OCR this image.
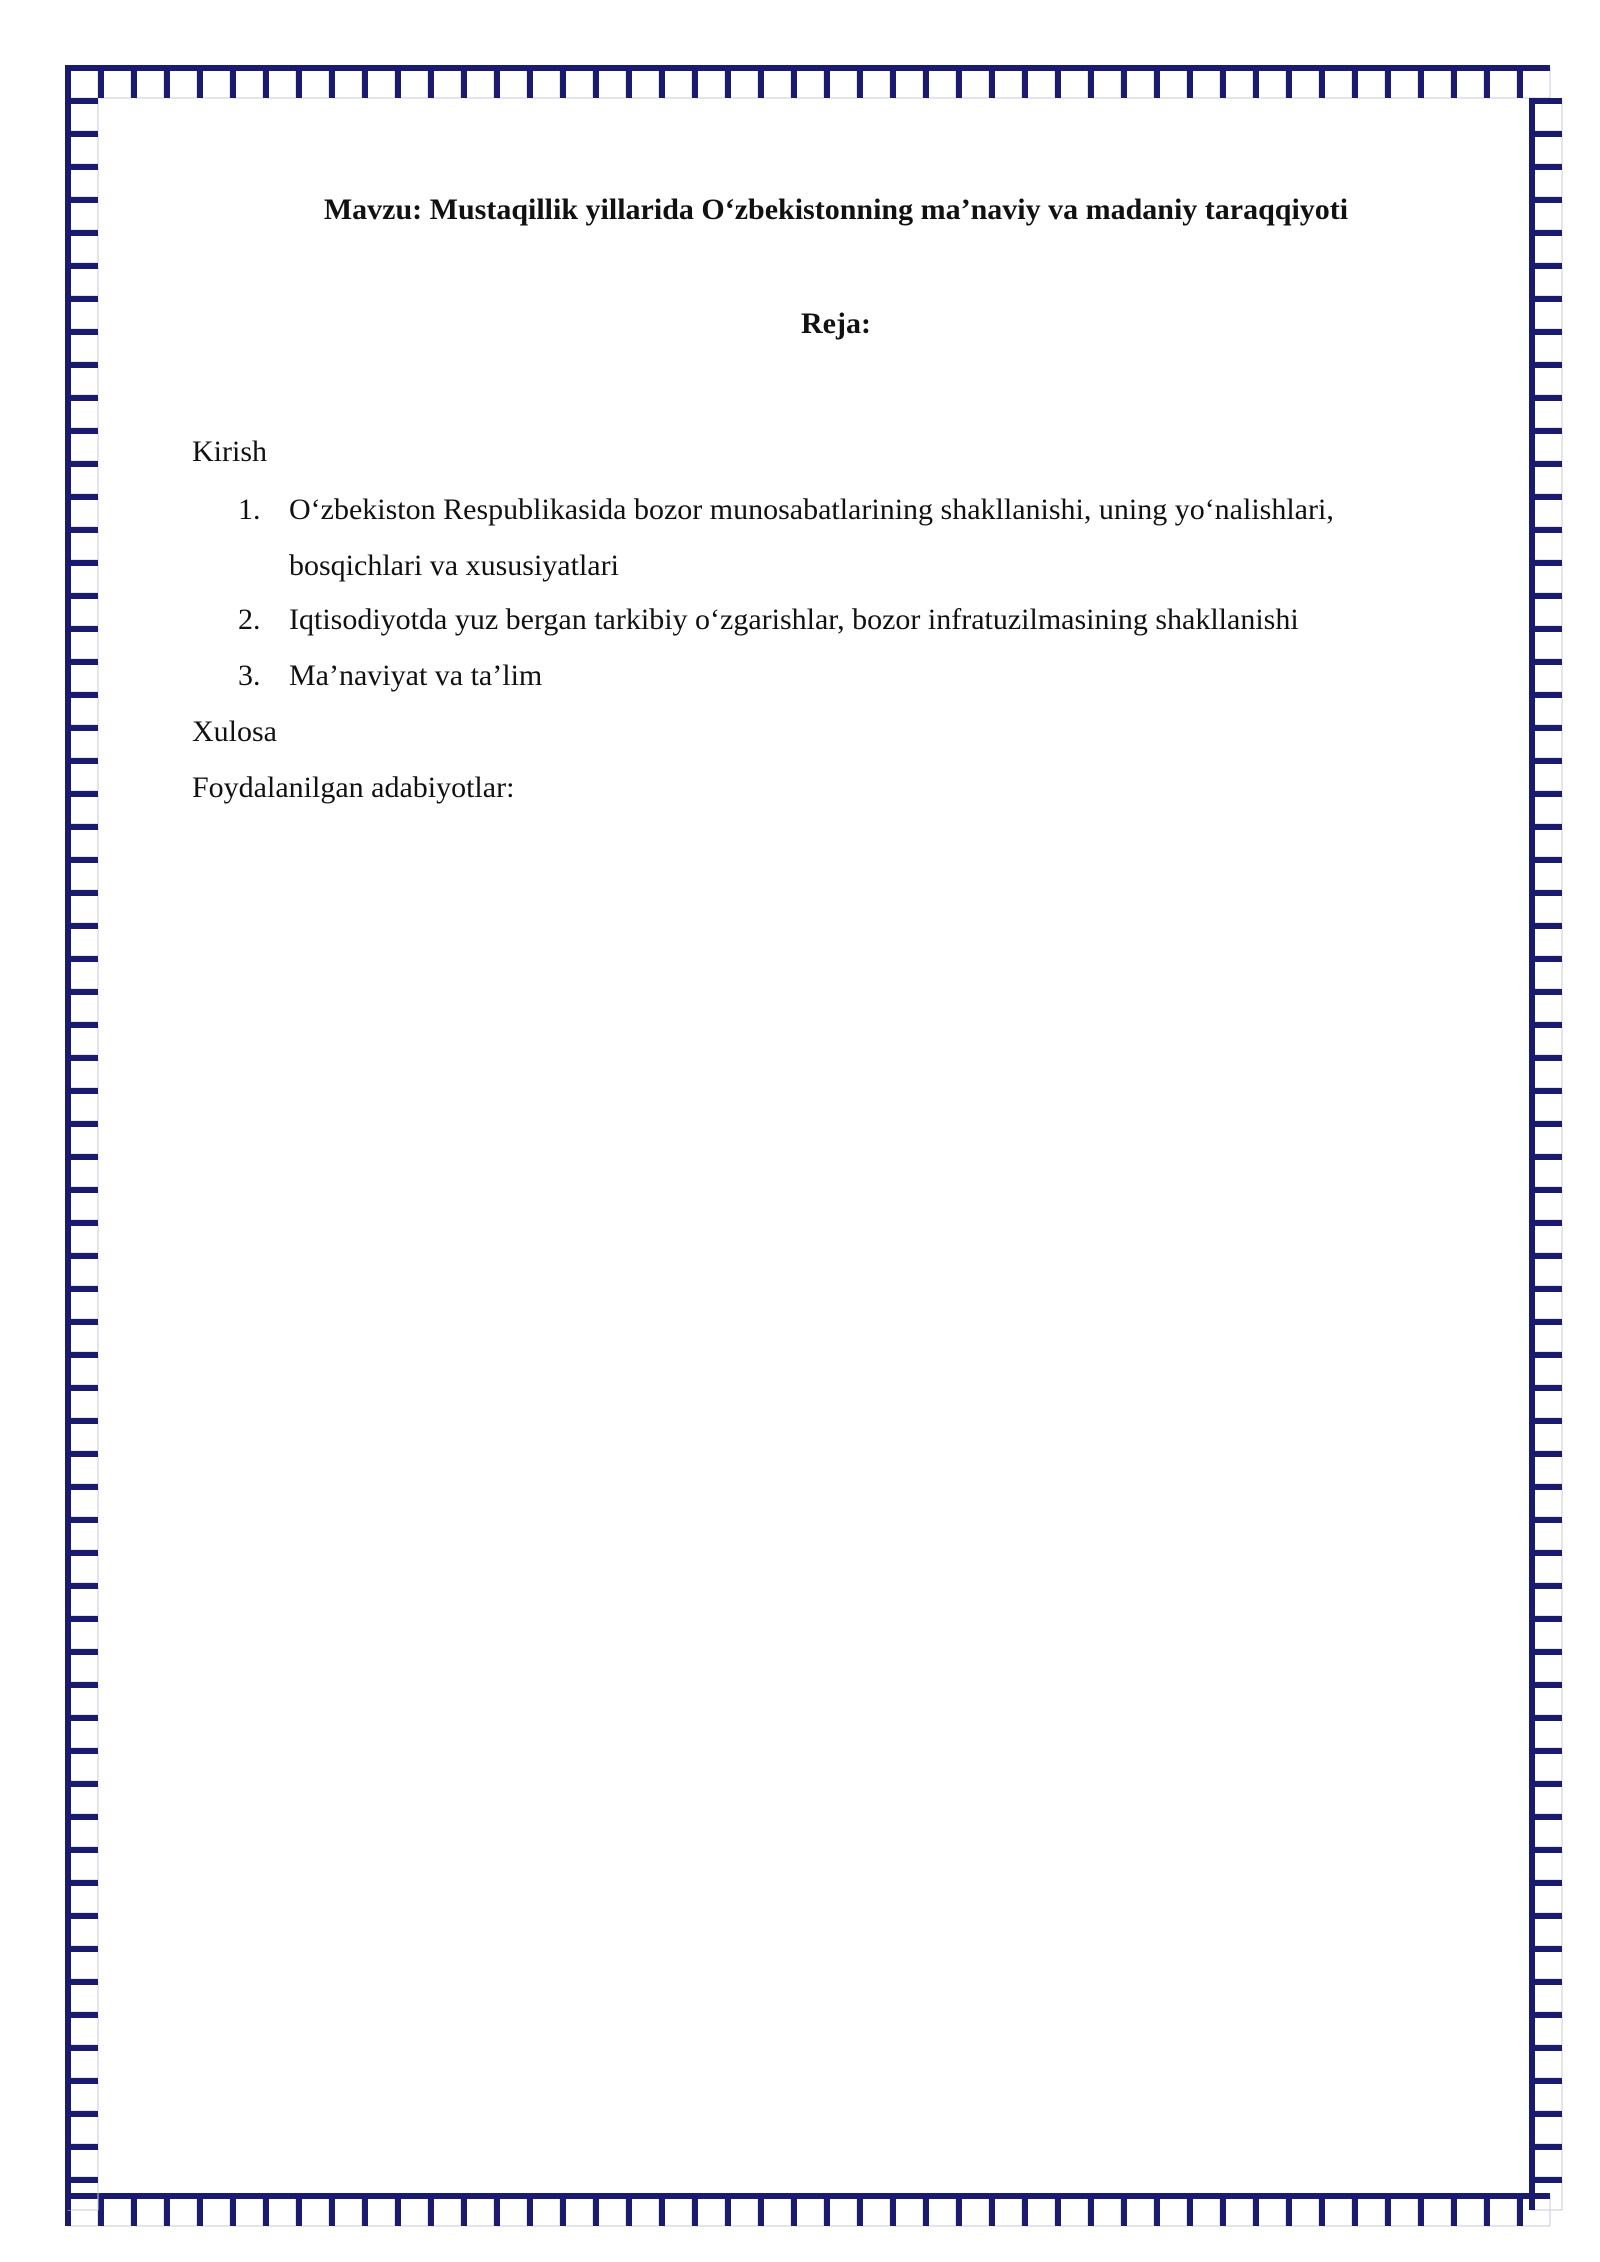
Mavzu: Mustaqillik yillarida O‘zbekistonning ma’naviy va madaniy taraqqiyoti
Reja:
Kirish
1. O‘zbekiston Respublikasida bozor munosabatlarining shakllanishi, uning yo‘nalishlari,
bosqichlari va xususiyatlari
2. Iqtisodiyotda yuz bergan tarkibiy o‘zgarishlar, bozor infratuzilmasining shakllanishi
3. Ma’naviyat va ta’lim
Xulosa
Foydalanilgan adabiyotlar:
